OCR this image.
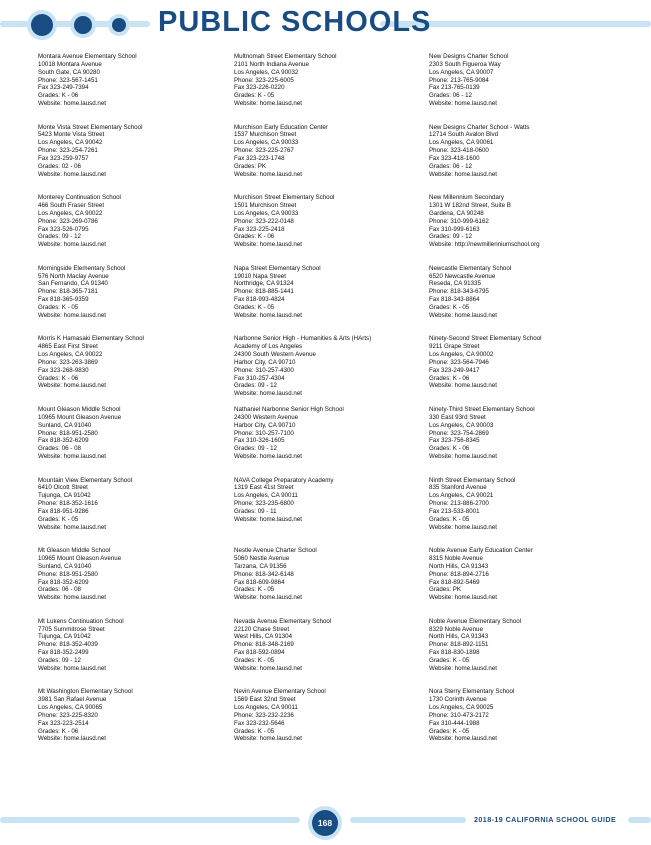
PUBLIC SCHOOLS
Montara Avenue Elementary School
10018 Montara Avenue
South Gate, CA 90280
Phone: 323-567-1451
Fax 323-249-7394
Grades: K - 06
Website: home.lausd.net
Monte Vista Street Elementary School
5423 Monte Vista Street
Los Angeles, CA 90042
Phone: 323-254-7261
Fax 323-259-9757
Grades: 02 - 06
Website: home.lausd.net
Monterey Continuation School
466 South Fraser Street
Los Angeles, CA 90022
Phone: 323-269-0786
Fax 323-526-0795
Grades: 09 - 12
Website: home.lausd.net
Morningside Elementary School
576 North Maclay Avenue
San Fernando, CA 91340
Phone: 818-365-7181
Fax 818-365-9359
Grades: K - 05
Website: home.lausd.net
Morris K Hamasaki Elementary School
4865 East First Street
Los Angeles, CA 90022
Phone: 323-263-3869
Fax 323-268-9830
Grades: K - 06
Website: home.lausd.net
Mount Gleason Middle School
10965 Mount Gleason Avenue
Sunland, CA 91040
Phone: 818-951-2580
Fax 818-352-6209
Grades: 06 - 08
Website: home.lausd.net
Mountain View Elementary School
6410 Olcott Street
Tujunga, CA 91042
Phone: 818-352-1616
Fax 818-951-9286
Grades: K - 05
Website: home.lausd.net
Mt Gleason Middle School
10965 Mount Gleason Avenue
Sunland, CA 91040
Phone: 818-951-2580
Fax 818-352-6209
Grades: 06 - 08
Website: home.lausd.net
Mt Lukens Continuation School
7705 Summitrose Street
Tujunga, CA 91042
Phone: 818-352-4039
Fax 818-352-2499
Grades: 09 - 12
Website: home.lausd.net
Mt Washington Elementary School
3981 San Rafael Avenue
Los Angeles, CA 90065
Phone: 323-225-8320
Fax 323-223-2514
Grades: K - 06
Website: home.lausd.net
Multnomah Street Elementary School
2101 North Indiana Avenue
Los Angeles, CA 90032
Phone: 323-225-6005
Fax 323-226-0220
Grades: K - 05
Website: home.lausd.net
Murchison Early Education Center
1537 Murchison Street
Los Angeles, CA 90033
Phone: 323-225-2767
Fax 323-223-1748
Grades: PK
Website: home.lausd.net
Murchison Street Elementary School
1501 Murchison Street
Los Angeles, CA 90033
Phone: 323-222-0148
Fax 323-225-2418
Grades: K - 06
Website: home.lausd.net
Napa Street Elementary School
19010 Napa Street
Northridge, CA 91324
Phone: 818-885-1441
Fax 818-993-4824
Grades: K - 05
Website: home.lausd.net
Narbonne Senior High - Humanities & Arts (HArts)
Academy of Los Angeles
24300 South Western Avenue
Harbor City, CA 90710
Phone: 310-257-4300
Fax 310-257-4304
Grades: 09 - 12
Website: home.lausd.net
Nathaniel Narbonne Senior High School
24300 Western Avenue
Harbor City, CA 90710
Phone: 310-257-7100
Fax 310-326-1605
Grades: 09 - 12
Website: home.lausd.net
NAVA College Preparatory Academy
1319 East 41st Street
Los Angeles, CA 90011
Phone: 323-235-6800
Grades: 09 - 11
Website: home.lausd.net
Nestle Avenue Charter School
5060 Nestle Avenue
Tarzana, CA 91356
Phone: 818-342-6148
Fax 818-609-9864
Grades: K - 05
Website: home.lausd.net
Nevada Avenue Elementary School
22120 Chase Street
West Hills, CA 91304
Phone: 818-348-2169
Fax 818-592-0894
Grades: K - 05
Website: home.lausd.net
Nevin Avenue Elementary School
1569 East 32nd Street
Los Angeles, CA 90011
Phone: 323-232-2236
Fax 323-232-5646
Grades: K - 05
Website: home.lausd.net
New Designs Charter School
2303 South Figueroa Way
Los Angeles, CA 90007
Phone: 213-765-9084
Fax 213-765-0139
Grades: 06 - 12
Website: home.lausd.net
New Designs Charter School - Watts
12714 South Avalon Blvd
Los Angeles, CA 90061
Phone: 323-418-0600
Fax 323-418-1600
Grades: 06 - 12
Website: home.lausd.net
New Millennium Secondary
1301 W 182nd Street, Suite B
Gardena, CA 90248
Phone: 310-999-6162
Fax 310-999-6163
Grades: 09 - 12
Website: http://newmillenniumschool.org
Newcastle Elementary School
6520 Newcastle Avenue
Reseda, CA 91335
Phone: 818-343-6795
Fax 818-343-8864
Grades: K - 05
Website: home.lausd.net
Ninety-Second Street Elementary School
9211 Grape Street
Los Angeles, CA 90002
Phone: 323-564-7946
Fax 323-249-9417
Grades: K - 06
Website: home.lausd.net
Ninety-Third Street Elementary School
330 East 93rd Street
Los Angeles, CA 90003
Phone: 323-754-2869
Fax 323-756-8345
Grades: K - 06
Website: home.lausd.net
Ninth Street Elementary School
835 Stanford Avenue
Los Angeles, CA 90021
Phone: 213-886-2700
Fax 213-533-8001
Grades: K - 05
Website: home.lausd.net
Noble Avenue Early Education Center
8315 Noble Avenue
North Hills, CA 91343
Phone: 818-894-2716
Fax 818-892-5469
Grades: PK
Website: home.lausd.net
Noble Avenue Elementary School
8329 Noble Avenue
North Hills, CA 91343
Phone: 818-892-1151
Fax 818-830-1898
Grades: K - 05
Website: home.lausd.net
Nora Sterry Elementary School
1730 Corinth Avenue
Los Angeles, CA 90025
Phone: 310-473-2172
Fax 310-444-1988
Grades: K - 05
Website: home.lausd.net
168	2018-19 CALIFORNIA SCHOOL GUIDE
